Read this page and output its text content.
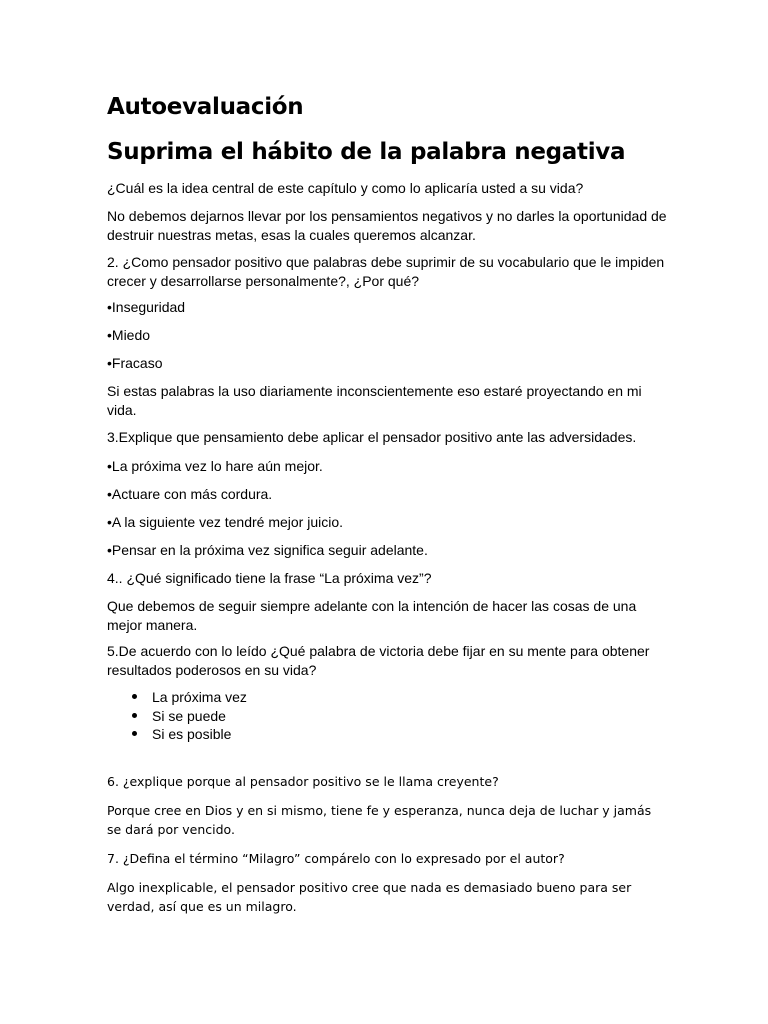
Autoevaluación
Suprima el hábito de la palabra negativa

¿Cuál es la idea central de este capítulo y como lo aplicaría usted a su vida?

No debemos dejarnos llevar por los pensamientos negativos y no darles la oportunidad de destruir nuestras metas, esas la cuales queremos alcanzar.

2. ¿Como pensador positivo que palabras debe suprimir de su vocabulario que le impiden crecer y desarrollarse personalmente?, ¿Por qué?

•Inseguridad

•Miedo

•Fracaso

Si estas palabras la uso diariamente inconscientemente eso estaré proyectando en mi vida.

3.Explique que pensamiento debe aplicar el pensador positivo ante las adversidades.

•La próxima vez lo hare aún mejor.

•Actuare con más cordura.

•A la siguiente vez tendré mejor juicio.

•Pensar en la próxima vez significa seguir adelante.

4.. ¿Qué significado tiene la frase “La próxima vez”?

Que debemos de seguir siempre adelante con la intención de hacer las cosas de una mejor manera.

5.De acuerdo con lo leído ¿Qué palabra de victoria debe fijar en su mente para obtener resultados poderosos en su vida?

La próxima vez
Si se puede
Si es posible

6. ¿explique porque al pensador positivo se le llama creyente?

Porque cree en Dios y en si mismo, tiene fe y esperanza, nunca deja de luchar y jamás se dará por vencido.

7. ¿Defina el término “Milagro” compárelo con lo expresado por el autor?

Algo inexplicable, el pensador positivo cree que nada es demasiado bueno para ser verdad, así que es un milagro.
